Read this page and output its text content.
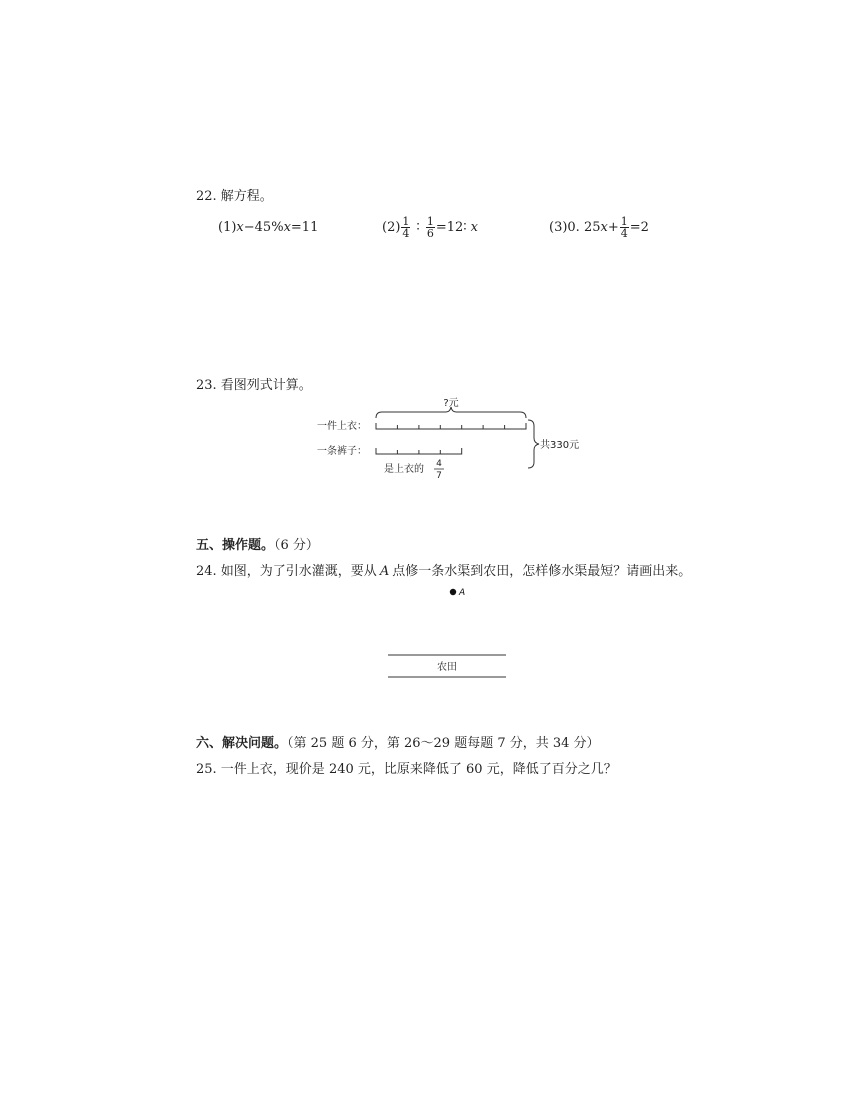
22. 解方程。
(1)x−45%x=11	$(2) \frac{1}{4}$ ∶ $\frac{1}{6}$ =12∶ x	(3)0. $25x+ \frac{1}{4} =2$
23. 看图列式计算。
?元
一件上衣：
一条裤子：
是上衣的 4
7
共330元
五、操作题。（6 分）
24. 如图，为了引水灌溉，要从 A 点修一条水渠到农田，怎样修水渠最短？请画出来。
A
农田
六、解决问题。（第 25 题 6 分，第 26～29 题每题 7 分，共 34 分）
25. 一件上衣，现价是 240 元，比原来降低了 60 元，降低了百分之几？
